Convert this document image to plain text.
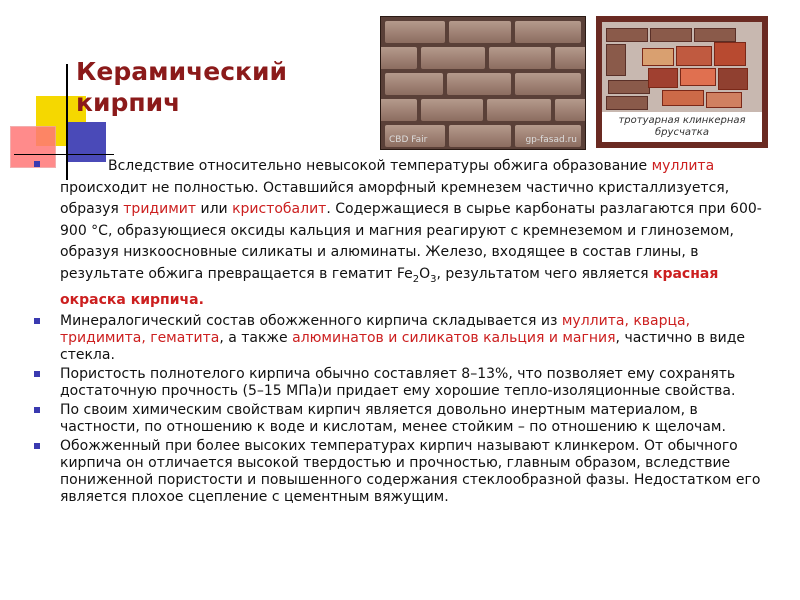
Керамический
кирпич
CBD Fair	gp-fasad.ru
тротуарная клинкерная
брусчатка
Вследствие относительно невысокой температуры обжига образование муллита происходит не полностью. Оставшийся аморфный кремнезем частично кристаллизуется, образуя тридимит или кристобалит. Содержащиеся в сырье карбонаты разлагаются при 600-900 °С, образующиеся оксиды кальция и магния реагируют с кремнеземом и глиноземом, образуя низкоосновные силикаты и алюминаты. Железо, входящее в состав глины, в результате обжига превращается в гематит $Fe_2O_3$, результатом чего является красная окраска кирпича.
Минералогический состав обожженного кирпича складывается из муллита, кварца, тридимита, гематита, а также алюминатов и силикатов кальция и магния, частично в виде стекла.
Пористость полнотелого кирпича обычно составляет 8–13%, что позволяет ему сохранять достаточную прочность (5–15 МПа)и придает ему хорошие тепло-изоляционные свойства.
По своим химическим свойствам кирпич является довольно инертным материалом, в частности, по отношению к воде и кислотам, менее стойким – по отношению к щелочам.
Обожженный при более высоких температурах кирпич называют клинкером. От обычного кирпича он отличается высокой твердостью и прочностью, главным образом, вследствие пониженной пористости и повышенного содержания стеклообразной фазы. Недостатком его является плохое сцепление с цементным вяжущим.
